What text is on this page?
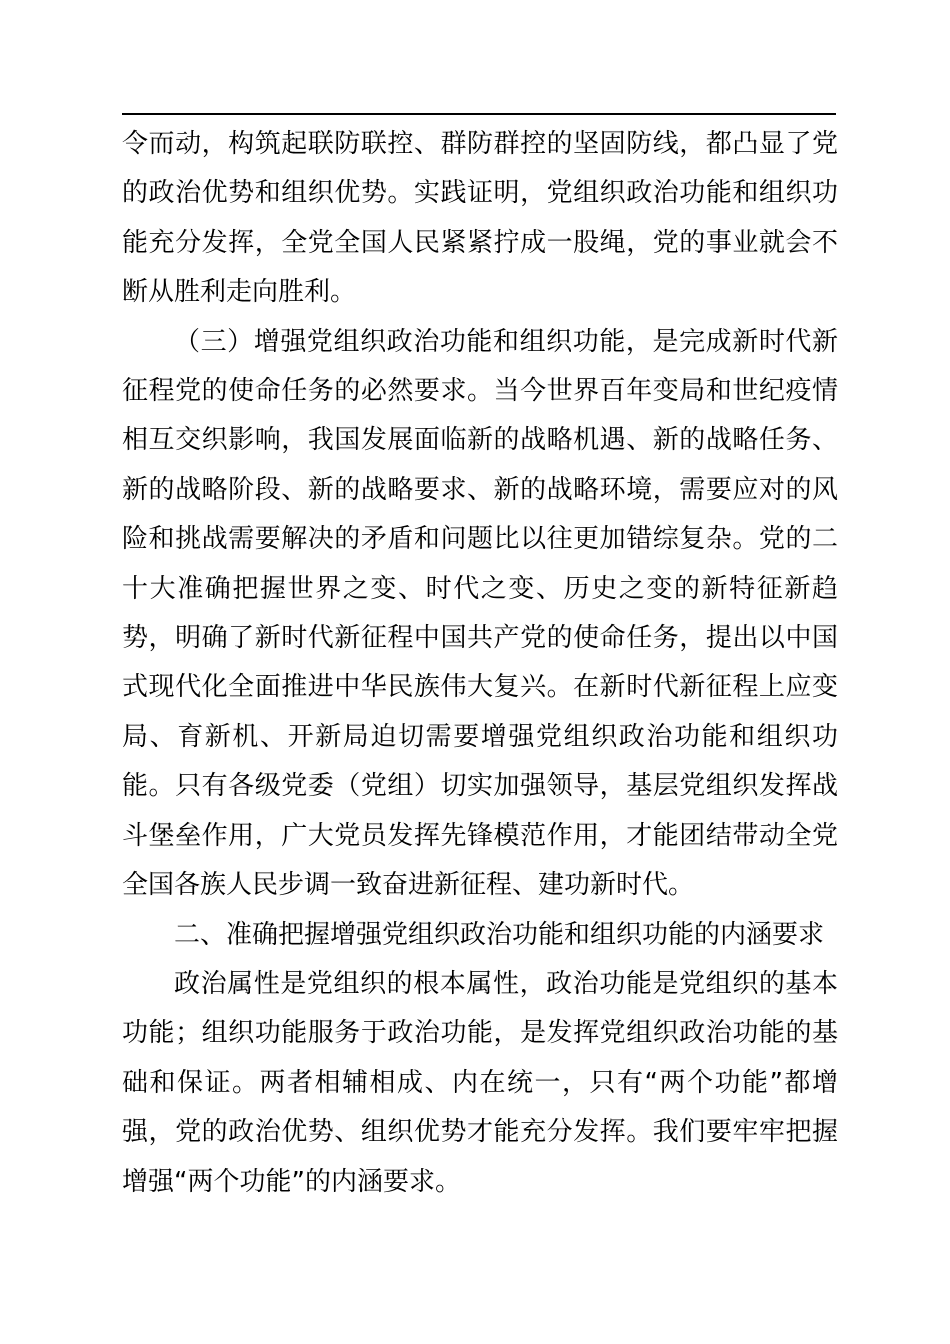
令而动，构筑起联防联控、群防群控的坚固防线，都凸显了党的政治优势和组织优势。实践证明，党组织政治功能和组织功能充分发挥，全党全国人民紧紧拧成一股绳，党的事业就会不断从胜利走向胜利。

（三）增强党组织政治功能和组织功能，是完成新时代新征程党的使命任务的必然要求。当今世界百年变局和世纪疫情相互交织影响，我国发展面临新的战略机遇、新的战略任务、新的战略阶段、新的战略要求、新的战略环境，需要应对的风险和挑战需要解决的矛盾和问题比以往更加错综复杂。党的二十大准确把握世界之变、时代之变、历史之变的新特征新趋势，明确了新时代新征程中国共产党的使命任务，提出以中国式现代化全面推进中华民族伟大复兴。在新时代新征程上应变局、育新机、开新局迫切需要增强党组织政治功能和组织功能。只有各级党委（党组）切实加强领导，基层党组织发挥战斗堡垒作用，广大党员发挥先锋模范作用，才能团结带动全党全国各族人民步调一致奋进新征程、建功新时代。

二、准确把握增强党组织政治功能和组织功能的内涵要求

政治属性是党组织的根本属性，政治功能是党组织的基本功能；组织功能服务于政治功能，是发挥党组织政治功能的基础和保证。两者相辅相成、内在统一，只有“两个功能”都增强，党的政治优势、组织优势才能充分发挥。我们要牢牢把握增强“两个功能”的内涵要求。
